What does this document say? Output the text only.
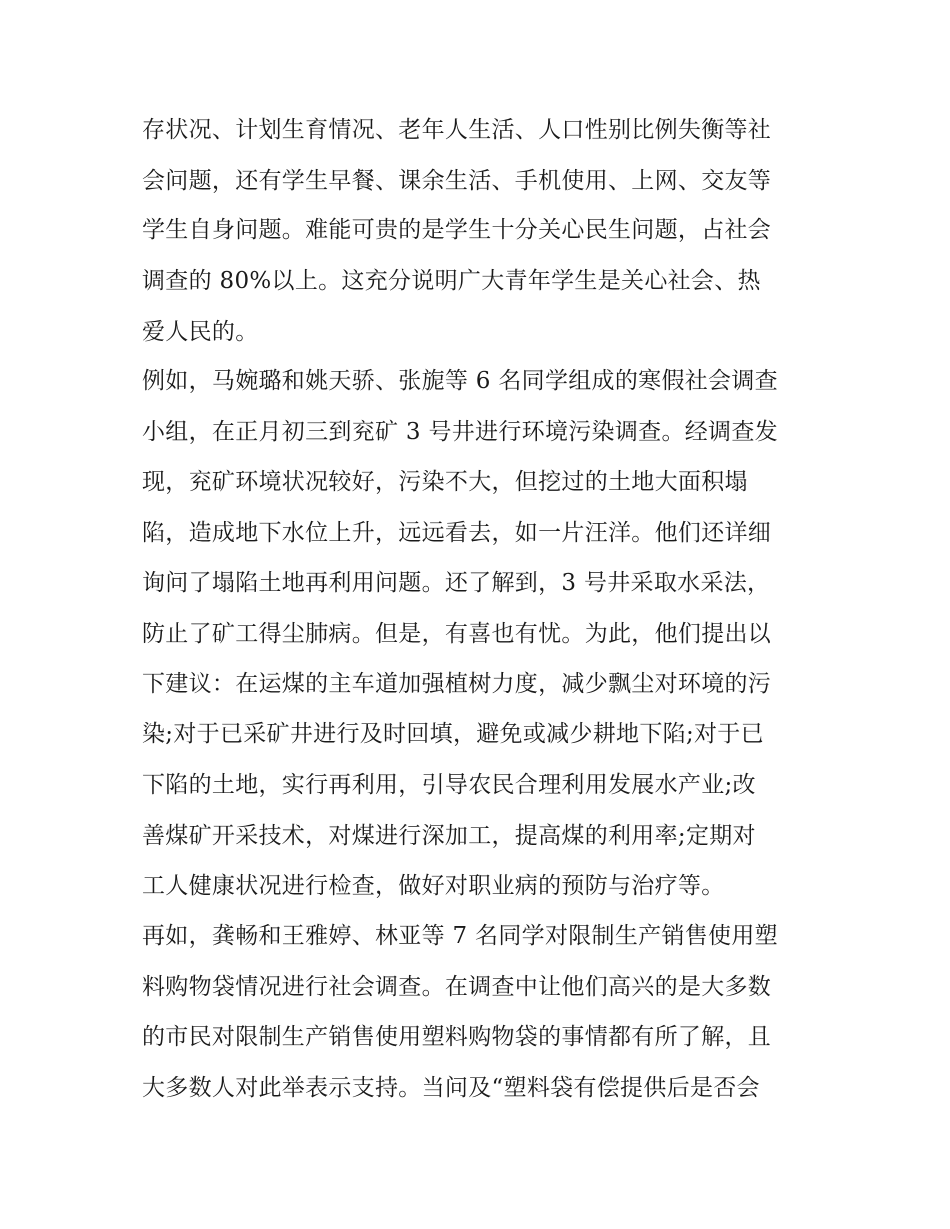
存状况、计划生育情况、老年人生活、人口性别比例失衡等社
会问题，还有学生早餐、课余生活、手机使用、上网、交友等
学生自身问题。难能可贵的是学生十分关心民生问题，占社会
调查的 80%以上。这充分说明广大青年学生是关心社会、热
爱人民的。
例如，马婉璐和姚天骄、张旎等 6 名同学组成的寒假社会调查
小组，在正月初三到兖矿 3 号井进行环境污染调查。经调查发
现，兖矿环境状况较好，污染不大，但挖过的土地大面积塌
陷，造成地下水位上升，远远看去，如一片汪洋。他们还详细
询问了塌陷土地再利用问题。还了解到，3 号井采取水采法，
防止了矿工得尘肺病。但是，有喜也有忧。为此，他们提出以
下建议：在运煤的主车道加强植树力度，减少飘尘对环境的污
染;对于已采矿井进行及时回填，避免或减少耕地下陷;对于已
下陷的土地，实行再利用，引导农民合理利用发展水产业;改
善煤矿开采技术，对煤进行深加工，提高煤的利用率;定期对
工人健康状况进行检查，做好对职业病的预防与治疗等。
再如，龚畅和王雅婷、林亚等 7 名同学对限制生产销售使用塑
料购物袋情况进行社会调查。在调查中让他们高兴的是大多数
的市民对限制生产销售使用塑料购物袋的事情都有所了解，且
大多数人对此举表示支持。当问及“塑料袋有偿提供后是否会
